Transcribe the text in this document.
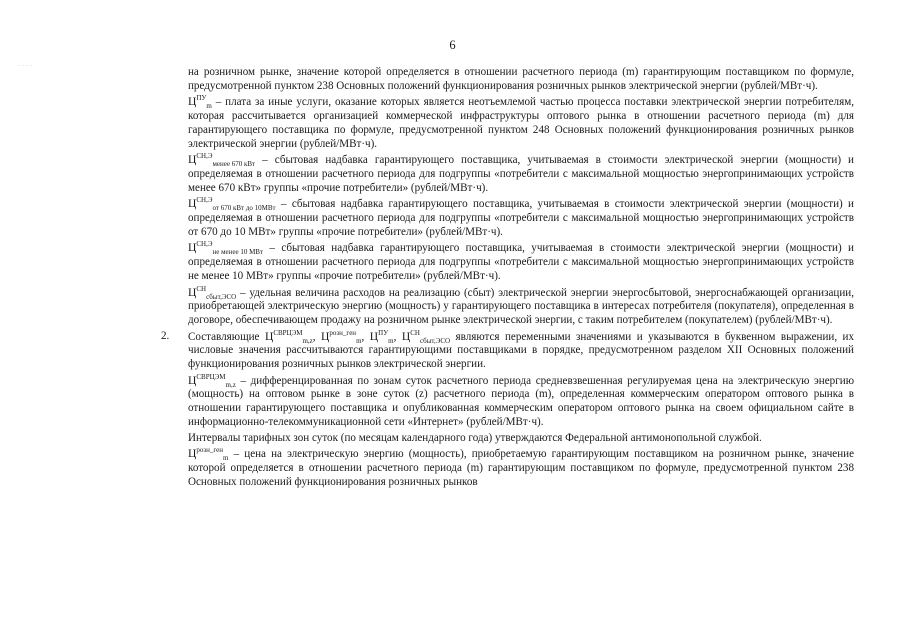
6
......

на розничном рынке, значение которой определяется в отношении расчетного периода (m) гарантирующим поставщиком по формуле, предусмотренной пунктом 238 Основных положений функционирования розничных рынков электрической энергии (рублей/МВт·ч).

$Ц^{ПУ}_m$ – плата за иные услуги, оказание которых является неотъемлемой частью процесса поставки электрической энергии потребителям, которая рассчитывается организацией коммерческой инфраструктуры оптового рынка в отношении расчетного периода (m) для гарантирующего поставщика по формуле, предусмотренной пунктом 248 Основных положений функционирования розничных рынков электрической энергии (рублей/МВт·ч).

$Ц^{СН,Э}_{менее 670 кВт}$ – сбытовая надбавка гарантирующего поставщика, учитываемая в стоимости электрической энергии (мощности) и определяемая в отношении расчетного периода для подгруппы «потребители с максимальной мощностью энергопринимающих устройств менее 670 кВт» группы «прочие потребители» (рублей/МВт·ч).

$Ц^{СН,Э}_{от 670 кВт до 10МВт}$ – сбытовая надбавка гарантирующего поставщика, учитываемая в стоимости электрической энергии (мощности) и определяемая в отношении расчетного периода для подгруппы «потребители с максимальной мощностью энергопринимающих устройств от 670 до 10 МВт» группы «прочие потребители» (рублей/МВт·ч).

$Ц^{СН,Э}_{не менее 10 МВт}$ – сбытовая надбавка гарантирующего поставщика, учитываемая в стоимости электрической энергии (мощности) и определяемая в отношении расчетного периода для подгруппы «потребители с максимальной мощностью энергопринимающих устройств не менее 10 МВт» группы «прочие потребители» (рублей/МВт·ч).

$Ц^{СН}_{сбыт,ЭСО}$ – удельная величина расходов на реализацию (сбыт) электрической энергии энергосбытовой, энергоснабжающей организации, приобретающей электрическую энергию (мощность) у гарантирующего поставщика в интересах потребителя (покупателя), определенная в договоре, обеспечивающем продажу на розничном рынке электрической энергии, с таким потребителем (покупателем) (рублей/МВт·ч).

2. Составляющие $Ц^{СВРЦЭМ}_{m,z}$, $Ц^{розн\_ген}_m$, $Ц^{ПУ}_m$, $Ц^{СН}_{сбыт,ЭСО}$ являются переменными значениями и указываются в буквенном выражении, их числовые значения рассчитываются гарантирующими поставщиками в порядке, предусмотренном разделом XII Основных положений функционирования розничных рынков электрической энергии.

$Ц^{СВРЦЭМ}_{m,z}$ – дифференцированная по зонам суток расчетного периода средневзвешенная регулируемая цена на электрическую энергию (мощность) на оптовом рынке в зоне суток (z) расчетного периода (m), определенная коммерческим оператором оптового рынка в отношении гарантирующего поставщика и опубликованная коммерческим оператором оптового рынка на своем официальном сайте в информационно-телекоммуникационной сети «Интернет» (рублей/МВт·ч).

Интервалы тарифных зон суток (по месяцам календарного года) утверждаются Федеральной антимонопольной службой.

$Ц^{розн\_ген}_m$ – цена на электрическую энергию (мощность), приобретаемую гарантирующим поставщиком на розничном рынке, значение которой определяется в отношении расчетного периода (m) гарантирующим поставщиком по формуле, предусмотренной пунктом 238 Основных положений функционирования розничных рынков
